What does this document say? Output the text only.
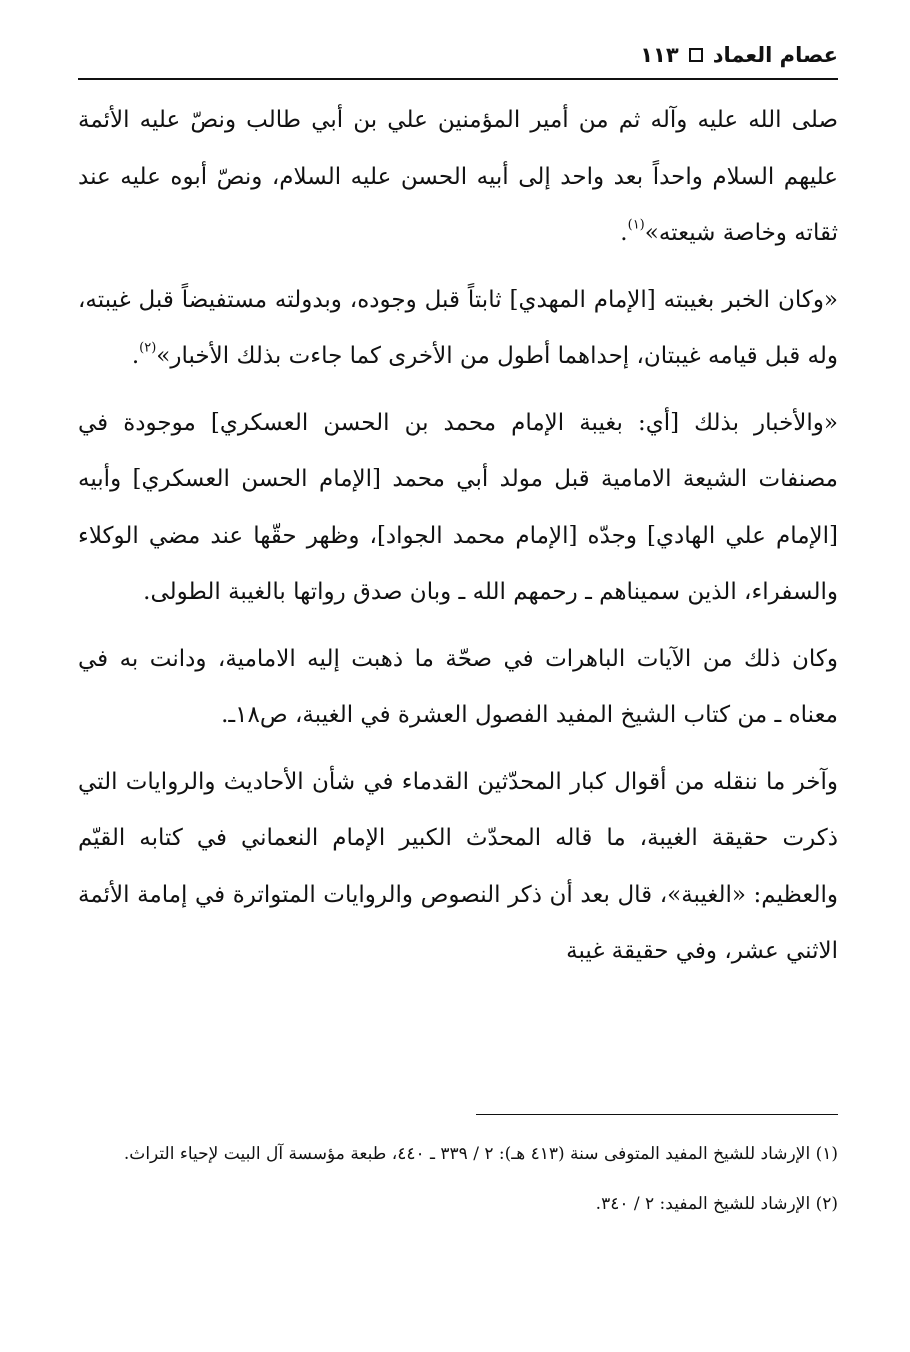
عصام العماد
١١٣

صلى الله عليه وآله ثم من أمير المؤمنين علي بن أبي طالب ونصّ عليه الأئمة عليهم السلام واحداً بعد واحد إلى أبيه الحسن عليه السلام، ونصّ أبوه عليه عند ثقاته وخاصة شيعته»$^{(١)}$.

«وكان الخبر بغيبته [الإمام المهدي] ثابتاً قبل وجوده، وبدولته مستفيضاً قبل غيبته، وله قبل قيامه غيبتان، إحداهما أطول من الأخرى كما جاءت بذلك الأخبار»$^{(٢)}$.

«والأخبار بذلك [أي: بغيبة الإمام محمد بن الحسن العسكري] موجودة في مصنفات الشيعة الامامية قبل مولد أبي محمد [الإمام الحسن العسكري] وأبيه [الإمام علي الهادي] وجدّه [الإمام محمد الجواد]، وظهر حقّها عند مضي الوكلاء والسفراء، الذين سميناهم ـ رحمهم الله ـ وبان صدق رواتها بالغيبة الطولى.

وكان ذلك من الآيات الباهرات في صحّة ما ذهبت إليه الامامية، ودانت به في معناه ـ من كتاب الشيخ المفيد الفصول العشرة في الغيبة، ص١٨ـ.

وآخر ما ننقله من أقوال كبار المحدّثين القدماء في شأن الأحاديث والروايات التي ذكرت حقيقة الغيبة، ما قاله المحدّث الكبير الإمام النعماني في كتابه القيّم والعظيم: «الغيبة»، قال بعد أن ذكر النصوص والروايات المتواترة في إمامة الأئمة الاثني عشر، وفي حقيقة غيبة

(١) الإرشاد للشيخ المفيد المتوفى سنة (٤١٣ هـ): ٢ / ٣٣٩ ـ ٤٤٠، طبعة مؤسسة آل البيت لإحياء التراث.

(٢) الإرشاد للشيخ المفيد: ٢ / ٣٤٠.
